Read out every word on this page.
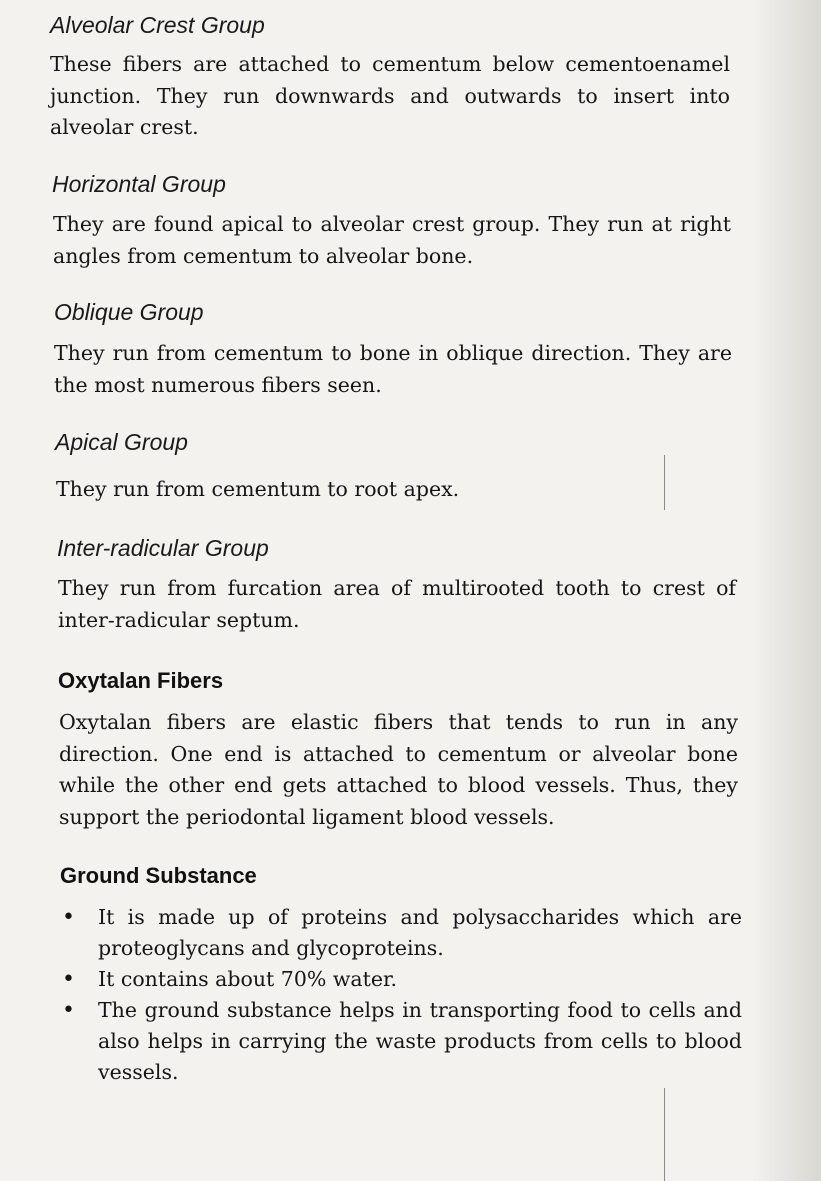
Alveolar Crest Group

These fibers are attached to cementum below cementoenamel junction. They run downwards and outwards to insert into alveolar crest.

Horizontal Group

They are found apical to alveolar crest group. They run at right angles from cementum to alveolar bone.

Oblique Group

They run from cementum to bone in oblique direction. They are the most numerous fibers seen.

Apical Group

They run from cementum to root apex.

Inter-radicular Group

They run from furcation area of multirooted tooth to crest of inter-radicular septum.

Oxytalan Fibers

Oxytalan fibers are elastic fibers that tends to run in any direction. One end is attached to cementum or alveolar bone while the other end gets attached to blood vessels. Thus, they support the periodontal ligament blood vessels.

Ground Substance
• It is made up of proteins and polysaccharides which are proteoglycans and glycoproteins.
• It contains about 70% water.
• The ground substance helps in transporting food to cells and also helps in carrying the waste products from cells to blood vessels.
